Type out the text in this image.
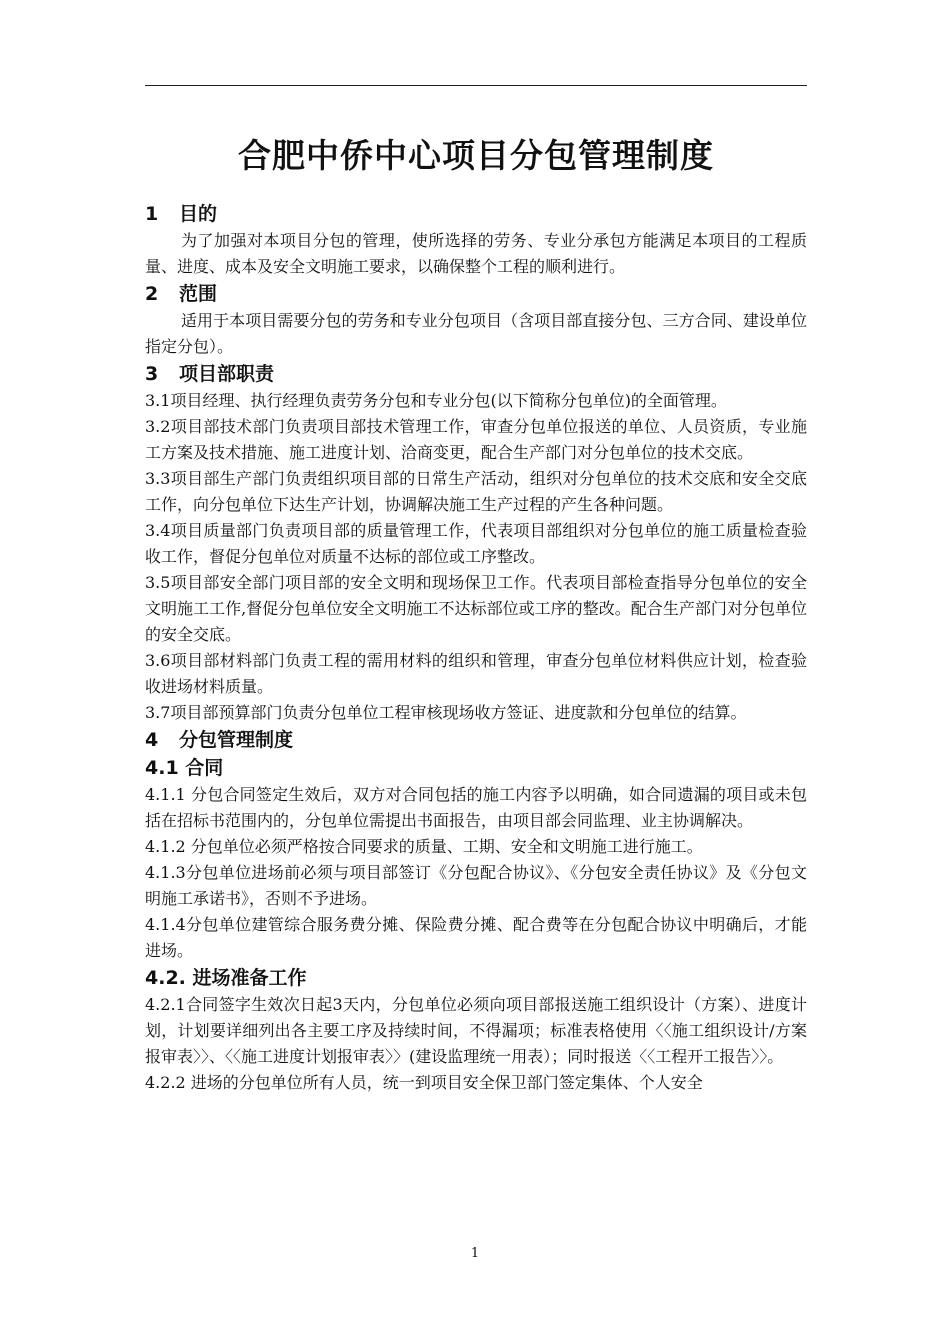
合肥中侨中心项目分包管理制度
1 目的

为了加强对本项目分包的管理，使所选择的劳务、专业分承包方能满足本项目的工程质量、进度、成本及安全文明施工要求，以确保整个工程的顺利进行。

2 范围

适用于本项目需要分包的劳务和专业分包项目（含项目部直接分包、三方合同、建设单位指定分包）。

3 项目部职责

3.1项目经理、执行经理负责劳务分包和专业分包(以下简称分包单位)的全面管理。

3.2项目部技术部门负责项目部技术管理工作，审查分包单位报送的单位、人员资质，专业施工方案及技术措施、施工进度计划、洽商变更，配合生产部门对分包单位的技术交底。

3.3项目部生产部门负责组织项目部的日常生产活动，组织对分包单位的技术交底和安全交底工作，向分包单位下达生产计划，协调解决施工生产过程的产生各种问题。

3.4项目质量部门负责项目部的质量管理工作，代表项目部组织对分包单位的施工质量检查验收工作，督促分包单位对质量不达标的部位或工序整改。

3.5项目部安全部门项目部的安全文明和现场保卫工作。代表项目部检查指导分包单位的安全文明施工工作,督促分包单位安全文明施工不达标部位或工序的整改。配合生产部门对分包单位的安全交底。

3.6项目部材料部门负责工程的需用材料的组织和管理，审查分包单位材料供应计划，检查验收进场材料质量。

3.7项目部预算部门负责分包单位工程审核现场收方签证、进度款和分包单位的结算。

4 分包管理制度
4.1 合同

4.1.1 分包合同签定生效后，双方对合同包括的施工内容予以明确，如合同遗漏的项目或未包括在招标书范围内的，分包单位需提出书面报告，由项目部会同监理、业主协调解决。

4.1.2 分包单位必须严格按合同要求的质量、工期、安全和文明施工进行施工。

4.1.3分包单位进场前必须与项目部签订《分包配合协议》、《分包安全责任协议》及《分包文明施工承诺书》，否则不予进场。

4.1.4分包单位建管综合服务费分摊、保险费分摊、配合费等在分包配合协议中明确后，才能进场。

4.2. 进场准备工作

4.2.1合同签字生效次日起3天内，分包单位必须向项目部报送施工组织设计（方案）、进度计划，计划要详细列出各主要工序及持续时间，不得漏项；标准表格使用〈〈施工组织设计/方案报审表〉〉、〈〈施工进度计划报审表〉〉(建设监理统一用表）；同时报送〈〈工程开工报告〉〉。

4.2.2 进场的分包单位所有人员，统一到项目安全保卫部门签定集体、个人安全

1
